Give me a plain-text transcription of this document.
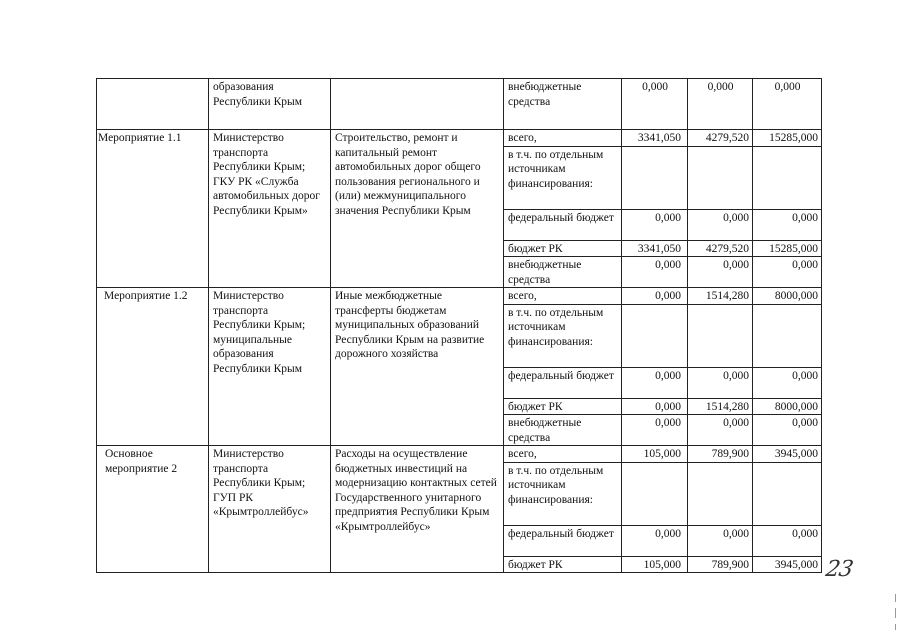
	образования Республики Крым		внебюджетные средства	0,000	0,000	0,000
Мероприятие 1.1	Министерство транспорта Республики Крым; ГКУ РК «Служба автомобильных дорог Республики Крым»	Строительство, ремонт и капитальный ремонт автомобильных дорог общего пользования регионального и (или) межмуниципального значения Республики Крым	всего,	3341,050	4279,520	15285,000
			в т.ч. по отдельным источникам финансирования:			
			федеральный бюджет	0,000	0,000	0,000
			бюджет РК	3341,050	4279,520	15285,000
			внебюджетные средства	0,000	0,000	0,000
Мероприятие 1.2	Министерство транспорта Республики Крым; муниципальные образования Республики Крым	Иные межбюджетные трансферты бюджетам муниципальных образований Республики Крым на развитие дорожного хозяйства	всего,	0,000	1514,280	8000,000
			в т.ч. по отдельным источникам финансирования:			
			федеральный бюджет	0,000	0,000	0,000
			бюджет РК	0,000	1514,280	8000,000
			внебюджетные средства	0,000	0,000	0,000
Основное мероприятие 2	Министерство транспорта Республики Крым; ГУП РК «Крымтроллейбус»	Расходы на осуществление бюджетных инвестиций на модернизацию контактных сетей Государственного унитарного предприятия Республики Крым «Крымтроллейбус»	всего,	105,000	789,900	3945,000
			в т.ч. по отдельным источникам финансирования:			
			федеральный бюджет	0,000	0,000	0,000
			бюджет РК	105,000	789,900	3945,000 23
